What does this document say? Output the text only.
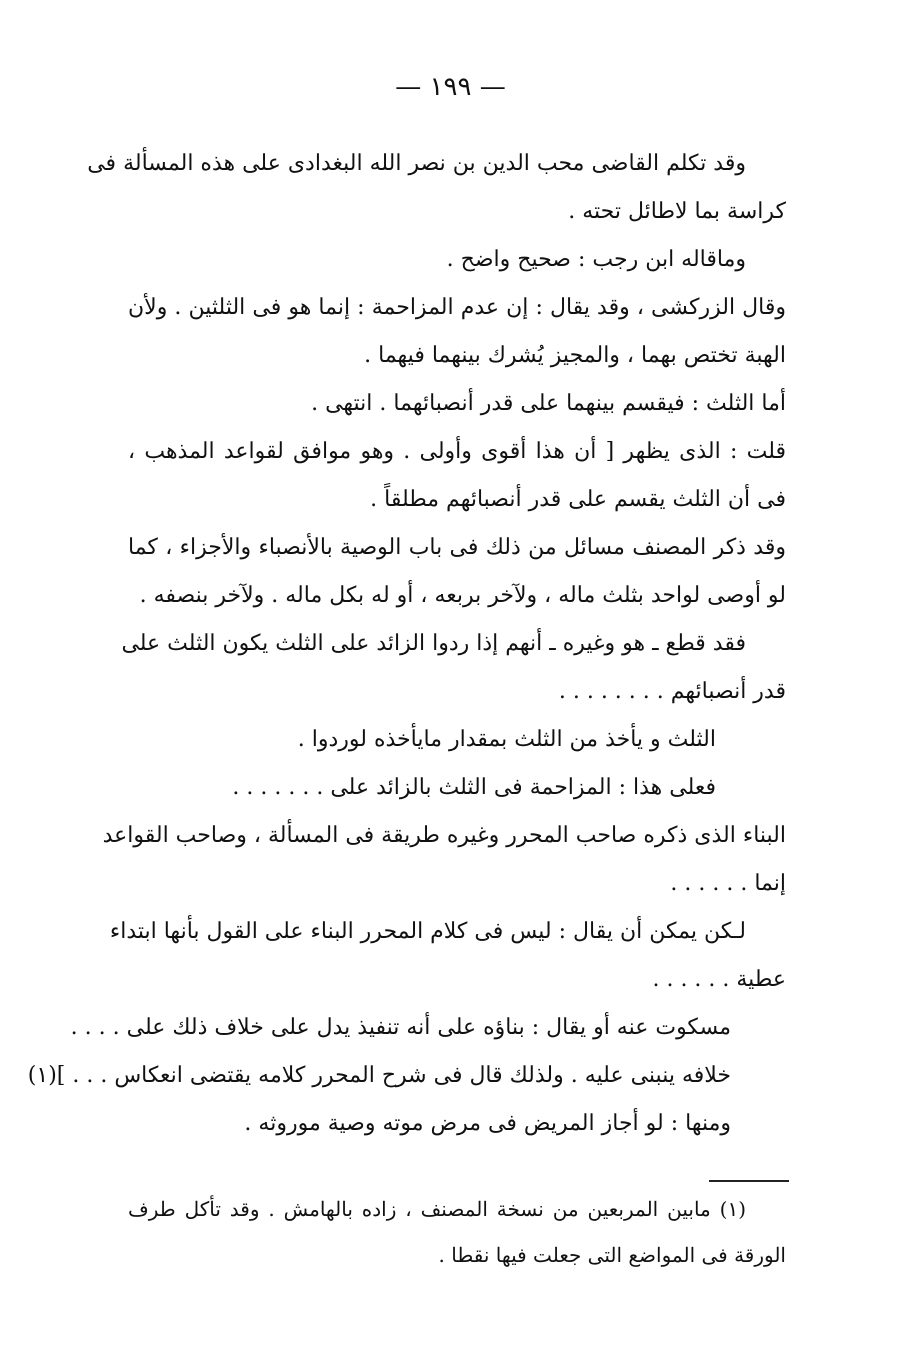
— ١٩٩ —
وقد تكلم القاضى محب الدين بن نصر الله البغدادى على هذه المسألة فى
كراسة بما لاطائل تحته .
وماقاله ابن رجب : صحيح واضح .
وقال الزركشى ، وقد يقال : إن عدم المزاحمة : إنما هو فى الثلثين . ولأن
الهبة تختص بهما ، والمجيز يُشرك بينهما فيهما .
أما الثلث : فيقسم بينهما على قدر أنصبائهما . انتهى .
قلت : الذى يظهر [ أن هذا أقوى وأولى . وهو موافق لقواعد المذهب ،
فى أن الثلث يقسم على قدر أنصبائهم مطلقاً .
وقد ذكر المصنف مسائل من ذلك فى باب الوصية بالأنصباء والأجزاء ، كما
لو أوصى لواحد بثلث ماله ، ولآخر بربعه ، أو له بكل ماله . ولآخر بنصفه .
فقد قطع ـ هو وغيره ـ أنهم إذا ردوا الزائد على الثلث يكون الثلث على
قدر أنصبائهم . . . . . . . .
الثلث و يأخذ من الثلث بمقدار مايأخذه لوردوا .
فعلى هذا : المزاحمة فى الثلث بالزائد على . . . . . . .
البناء الذى ذكره صاحب المحرر وغيره طريقة فى المسألة ، وصاحب القواعد
إنما . . . . . .
لـكن يمكن أن يقال : ليس فى كلام المحرر البناء على القول بأنها ابتداء
عطية . . . . . .
مسكوت عنه أو يقال : بناؤه على أنه تنفيذ يدل على خلاف ذلك على . . . .
خلافه ينبنى عليه . ولذلك قال فى شرح المحرر كلامه يقتضى انعكاس . . . ](١)
ومنها : لو أجاز المريض فى مرض موته وصية موروثه .
(١) مابين المربعين من نسخة المصنف ، زاده بالهامش . وقد تأكل طرف
الورقة فى المواضع التى جعلت فيها نقطا .
